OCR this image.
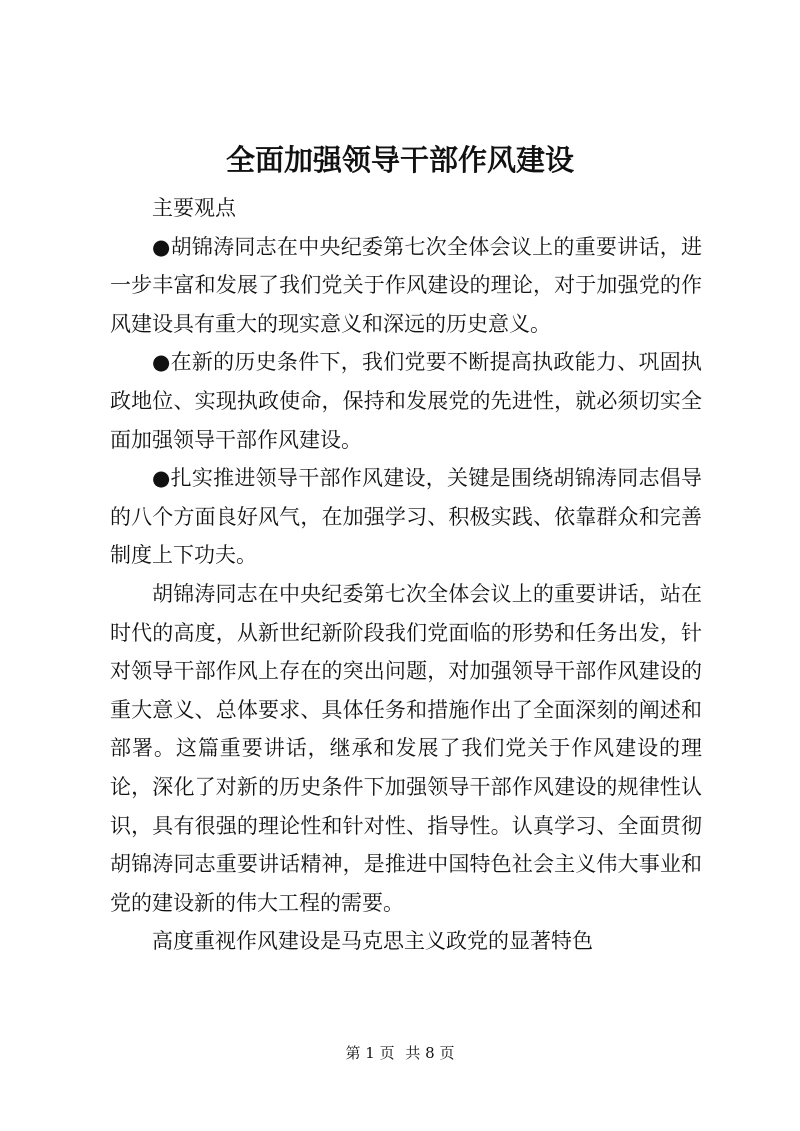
全面加强领导干部作风建设

主要观点

●胡锦涛同志在中央纪委第七次全体会议上的重要讲话，进一步丰富和发展了我们党关于作风建设的理论，对于加强党的作风建设具有重大的现实意义和深远的历史意义。

●在新的历史条件下，我们党要不断提高执政能力、巩固执政地位、实现执政使命，保持和发展党的先进性，就必须切实全面加强领导干部作风建设。

●扎实推进领导干部作风建设，关键是围绕胡锦涛同志倡导的八个方面良好风气，在加强学习、积极实践、依靠群众和完善制度上下功夫。

胡锦涛同志在中央纪委第七次全体会议上的重要讲话，站在时代的高度，从新世纪新阶段我们党面临的形势和任务出发，针对领导干部作风上存在的突出问题，对加强领导干部作风建设的重大意义、总体要求、具体任务和措施作出了全面深刻的阐述和部署。这篇重要讲话，继承和发展了我们党关于作风建设的理论，深化了对新的历史条件下加强领导干部作风建设的规律性认识，具有很强的理论性和针对性、指导性。认真学习、全面贯彻胡锦涛同志重要讲话精神，是推进中国特色社会主义伟大事业和党的建设新的伟大工程的需要。

高度重视作风建设是马克思主义政党的显著特色

第 1 页 共 8 页
